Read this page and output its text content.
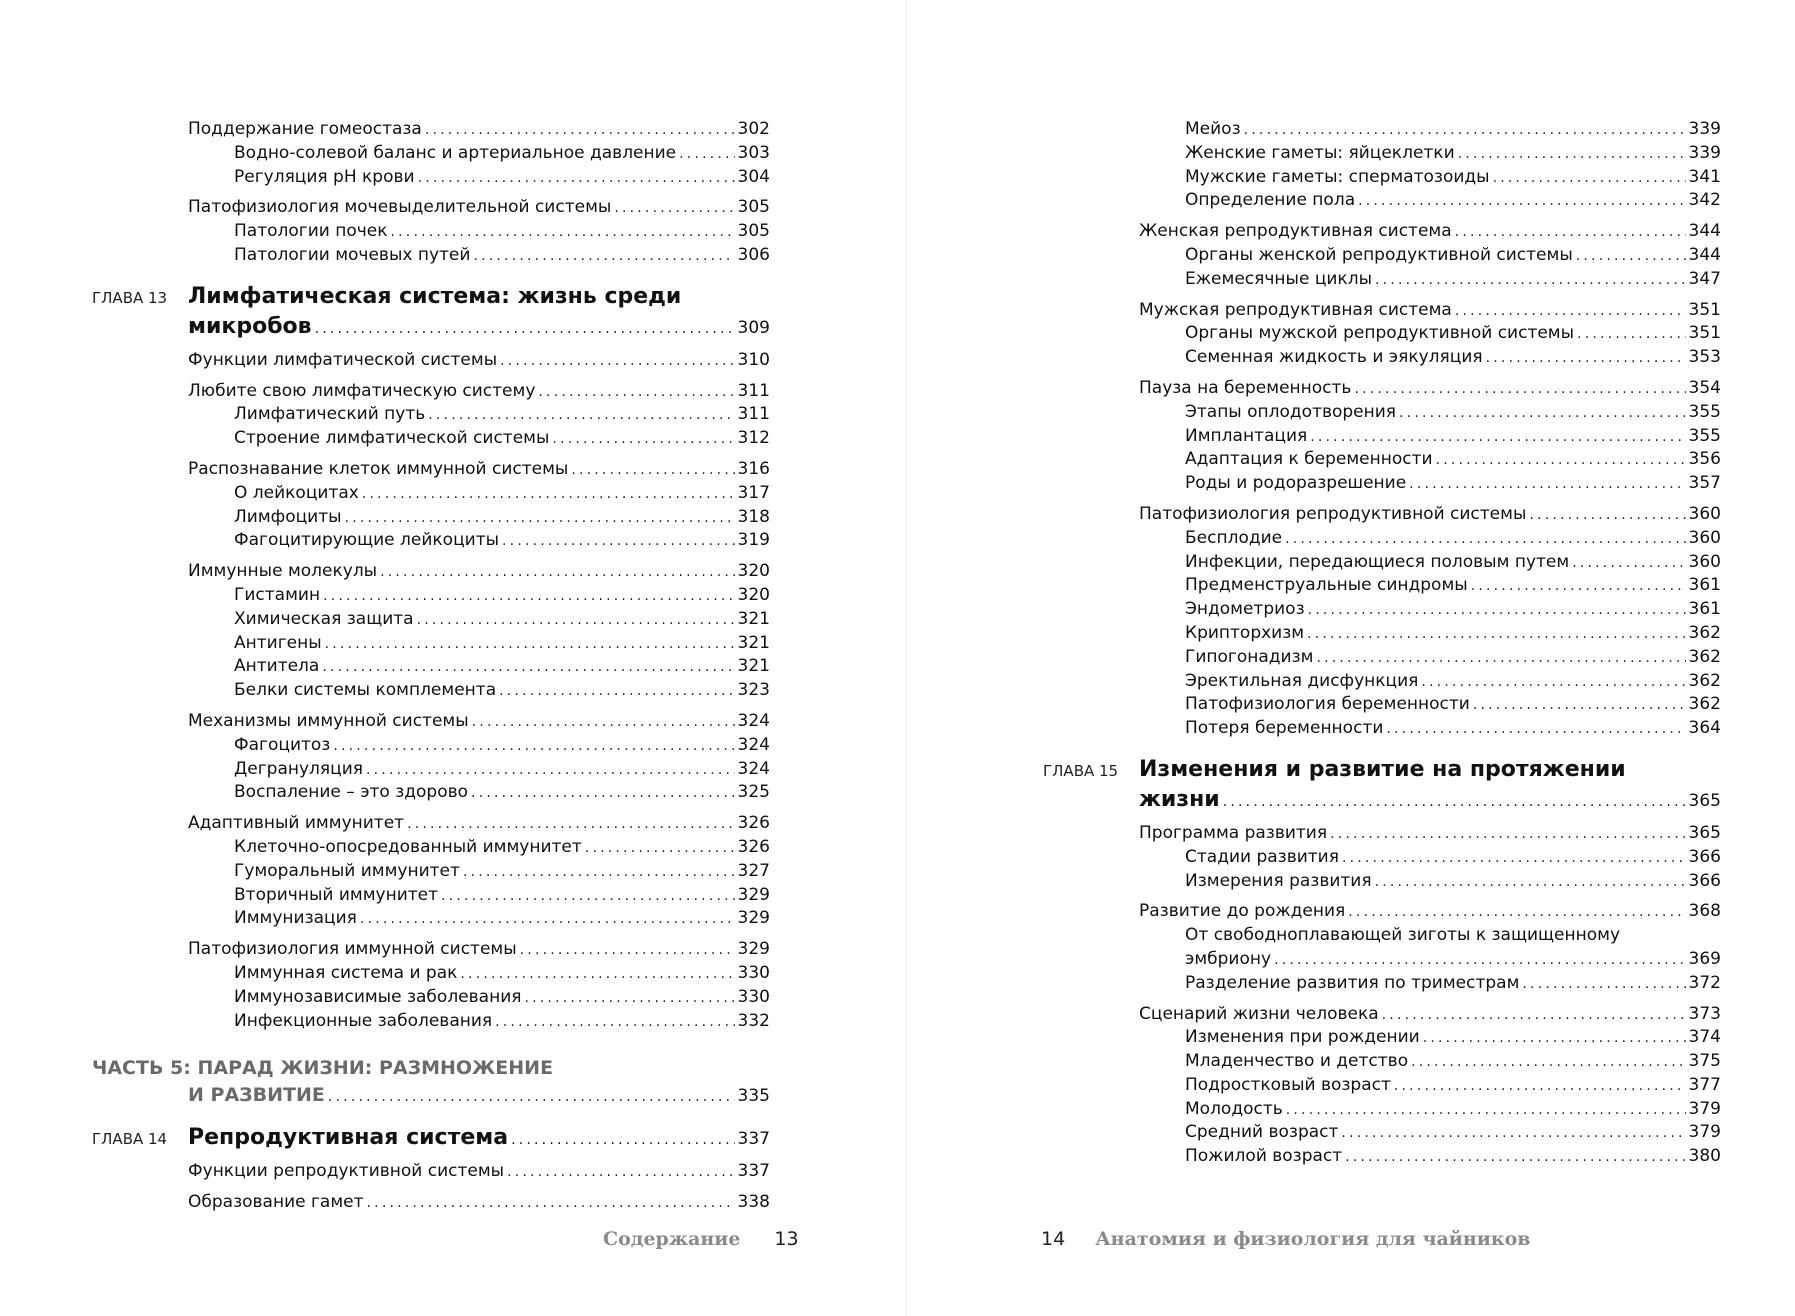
Поддержание гомеостаза .....	302
Водно-солевой баланс и артериальное давление .....	303
Регуляция pH крови .....	304
Патофизиология мочевыделительной системы .....	305
Патологии почек .....	305
Патологии мочевых путей .....	306
ГЛАВА 13 Лимфатическая система: жизнь среди
микробов .....	309
Функции лимфатической системы .....	310
Любите свою лимфатическую систему .....	311
Лимфатический путь .....	311
Строение лимфатической системы .....	312
Распознавание клеток иммунной системы .....	316
О лейкоцитах .....	317
Лимфоциты .....	318
Фагоцитирующие лейкоциты .....	319
Иммунные молекулы .....	320
Гистамин .....	320
Химическая защита .....	321
Антигены .....	321
Антитела .....	321
Белки системы комплемента .....	323
Механизмы иммунной системы .....	324
Фагоцитоз .....	324
Дегрануляция .....	324
Воспаление – это здорово .....	325
Адаптивный иммунитет .....	326
Клеточно-опосредованный иммунитет .....	326
Гуморальный иммунитет .....	327
Вторичный иммунитет .....	329
Иммунизация .....	329
Патофизиология иммунной системы .....	329
Иммунная система и рак .....	330
Иммунозависимые заболевания .....	330
Инфекционные заболевания .....	332
ЧАСТЬ 5: ПАРАД ЖИЗНИ: РАЗМНОЖЕНИЕ
И РАЗВИТИЕ .....	335
ГЛАВА 14 Репродуктивная система .....	337
Функции репродуктивной системы .....	337
Образование гамет .....	338
Мейоз .....	339
Женские гаметы: яйцеклетки .....	339
Мужские гаметы: сперматозоиды .....	341
Определение пола .....	342
Женская репродуктивная система .....	344
Органы женской репродуктивной системы .....	344
Ежемесячные циклы .....	347
Мужская репродуктивная система .....	351
Органы мужской репродуктивной системы .....	351
Семенная жидкость и эякуляция .....	353
Пауза на беременность .....	354
Этапы оплодотворения .....	355
Имплантация .....	355
Адаптация к беременности .....	356
Роды и родоразрешение .....	357
Патофизиология репродуктивной системы .....	360
Бесплодие .....	360
Инфекции, передающиеся половым путем .....	360
Предменструальные синдромы .....	361
Эндометриоз .....	361
Крипторхизм .....	362
Гипогонадизм .....	362
Эректильная дисфункция .....	362
Патофизиология беременности .....	362
Потеря беременности .....	364
ГЛАВА 15 Изменения и развитие на протяжении
жизни .....	365
Программа развития .....	365
Стадии развития .....	366
Измерения развития .....	366
Развитие до рождения .....	368
От свободноплавающей зиготы к защищенному
эмбриону .....	369
Разделение развития по триместрам .....	372
Сценарий жизни человека .....	373
Изменения при рождении .....	374
Младенчество и детство .....	375
Подростковый возраст .....	377
Молодость .....	379
Средний возраст .....	379
Пожилой возраст .....	380
Содержание 13	14 Анатомия и физиология для чайников
